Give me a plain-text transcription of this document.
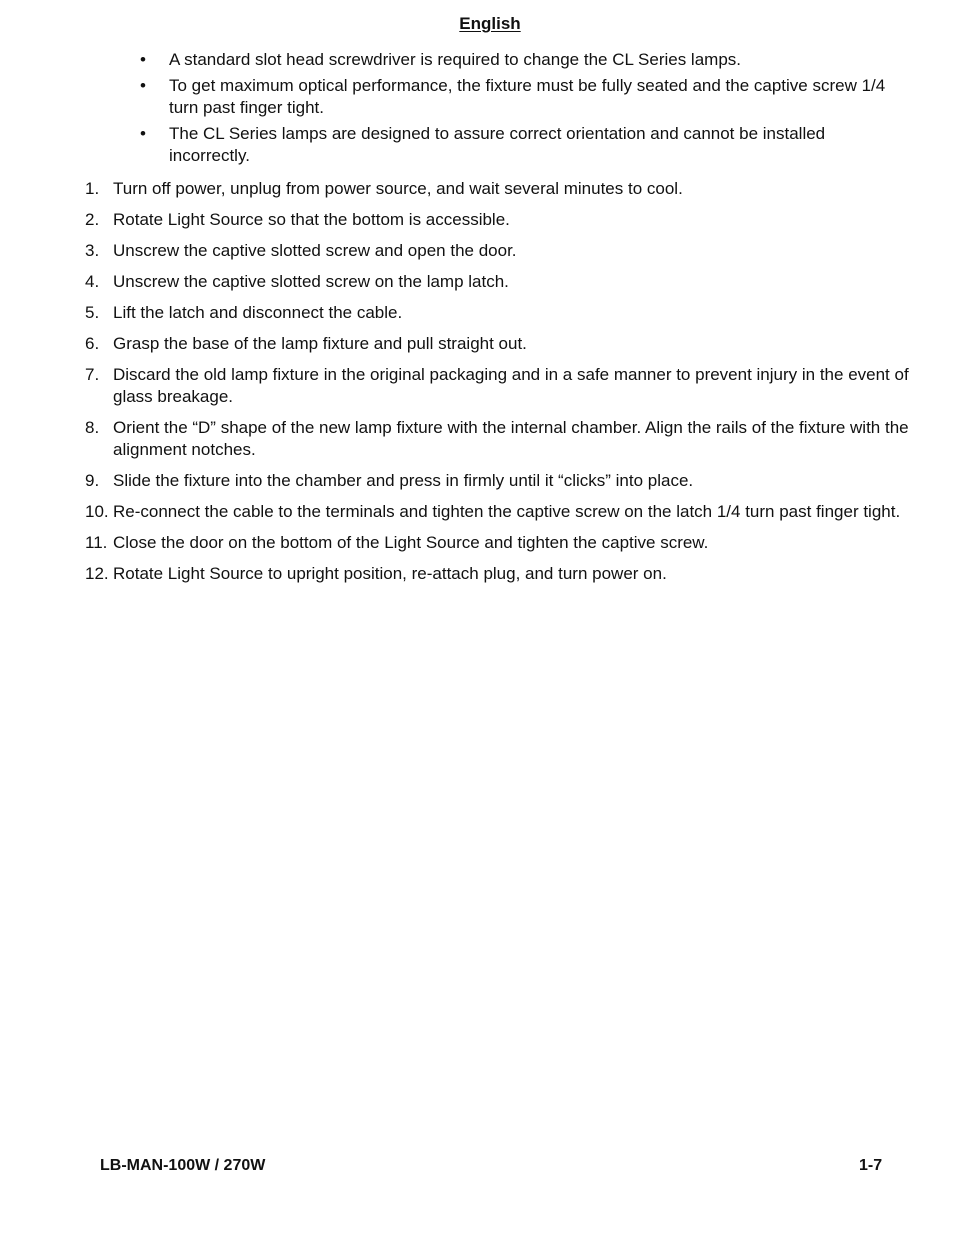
English
• A standard slot head screwdriver is required to change the CL Series lamps.
• To get maximum optical performance, the fixture must be fully seated and the captive screw 1/4 turn past finger tight.
• The CL Series lamps are designed to assure correct orientation and cannot be installed incorrectly.
1. Turn off power, unplug from power source, and wait several minutes to cool.
2. Rotate Light Source so that the bottom is accessible.
3. Unscrew the captive slotted screw and open the door.
4. Unscrew the captive slotted screw on the lamp latch.
5. Lift the latch and disconnect the cable.
6. Grasp the base of the lamp fixture and pull straight out.
7. Discard the old lamp fixture in the original packaging and in a safe manner to prevent injury in the event of glass breakage.
8. Orient the “D” shape of the new lamp fixture with the internal chamber. Align the rails of the fixture with the alignment notches.
9. Slide the fixture into the chamber and press in firmly until it “clicks” into place.
10. Re-connect the cable to the terminals and tighten the captive screw on the latch 1/4 turn past finger tight.
11. Close the door on the bottom of the Light Source and tighten the captive screw.
12. Rotate Light Source to upright position, re-attach plug, and turn power on.
LB-MAN-100W / 270W	1-7
